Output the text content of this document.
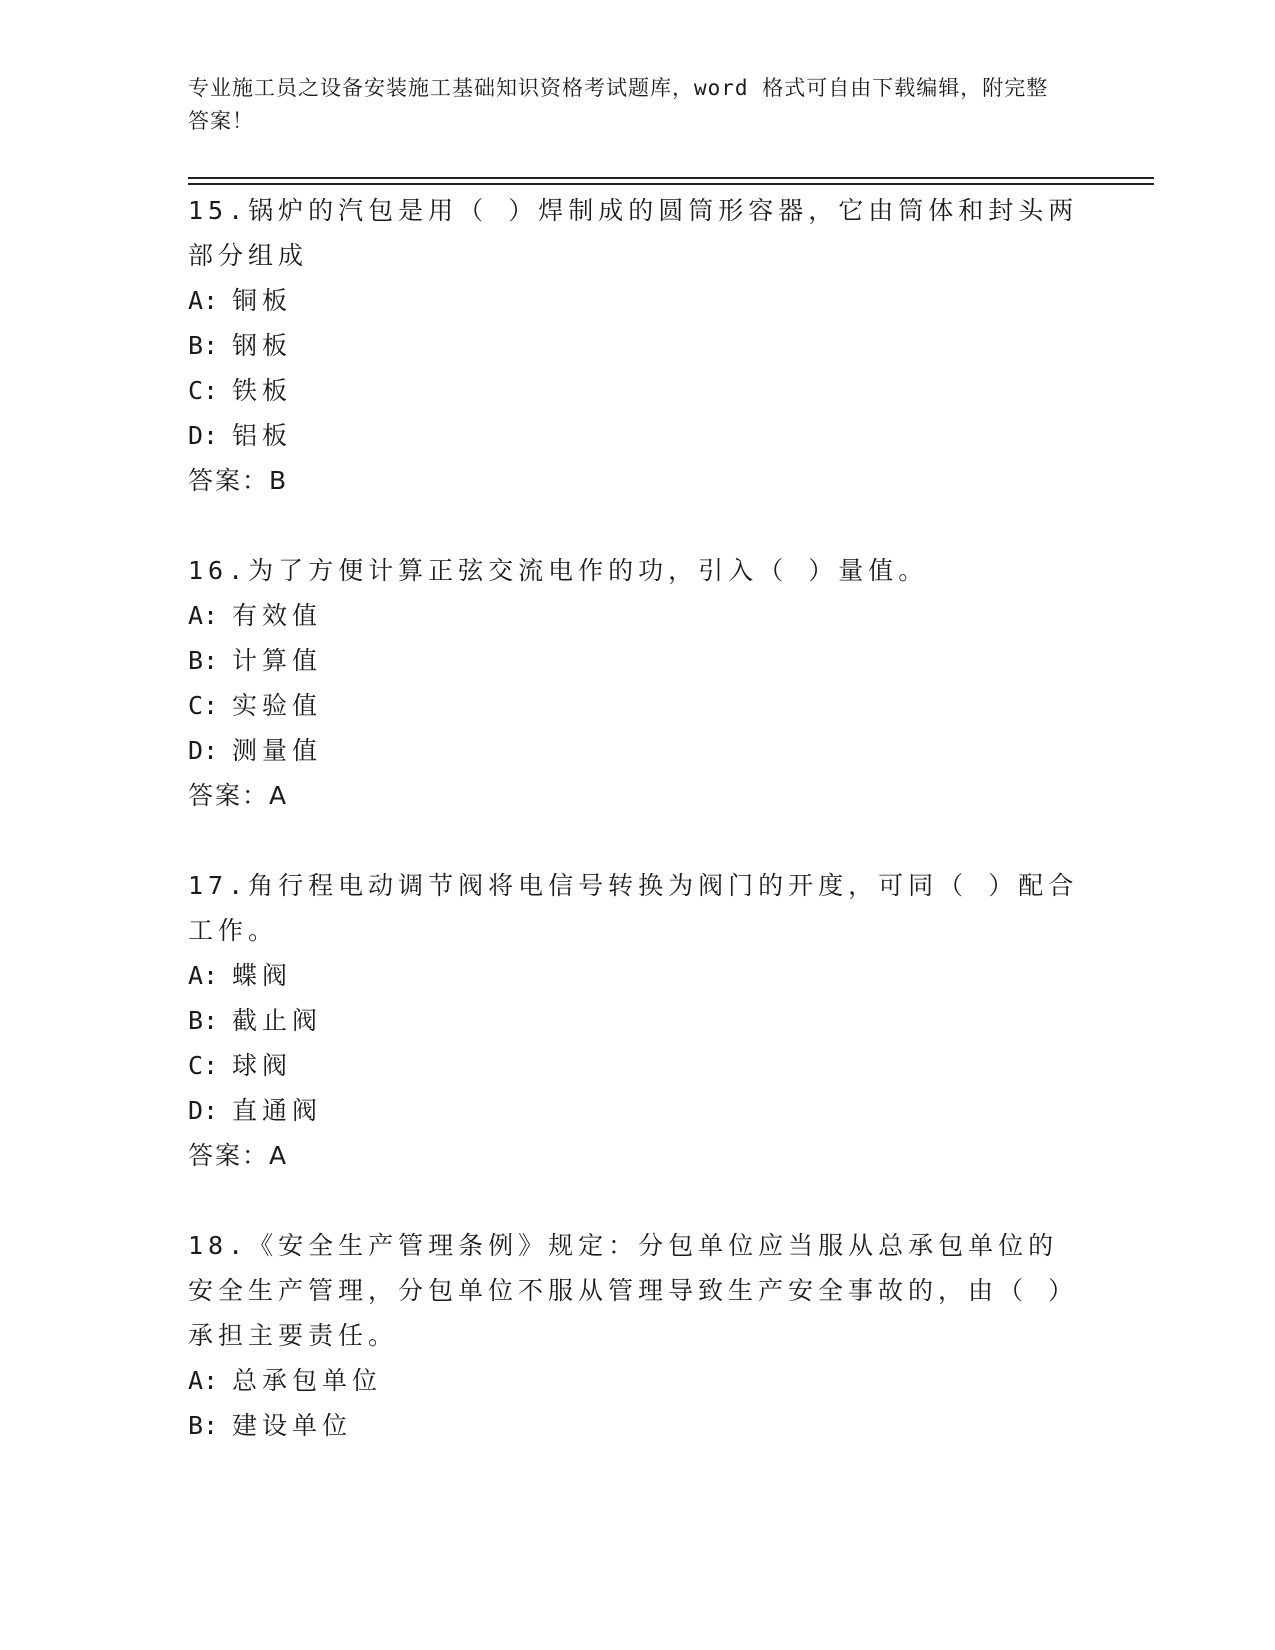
专业施工员之设备安装施工基础知识资格考试题库，word 格式可自由下载编辑，附完整答案！

15.锅炉的汽包是用（ ）焊制成的圆筒形容器，它由筒体和封头两部分组成

A: 铜板

B: 钢板

C: 铁板

D: 铝板

答案：B

16.为了方便计算正弦交流电作的功，引入（ ）量值。

A: 有效值

B: 计算值

C: 实验值

D: 测量值

答案：A

17.角行程电动调节阀将电信号转换为阀门的开度，可同（ ）配合工作。

A: 蝶阀

B: 截止阀

C: 球阀

D: 直通阀

答案：A

18.《安全生产管理条例》规定：分包单位应当服从总承包单位的安全生产管理，分包单位不服从管理导致生产安全事故的，由（ ）承担主要责任。

A: 总承包单位

B: 建设单位
